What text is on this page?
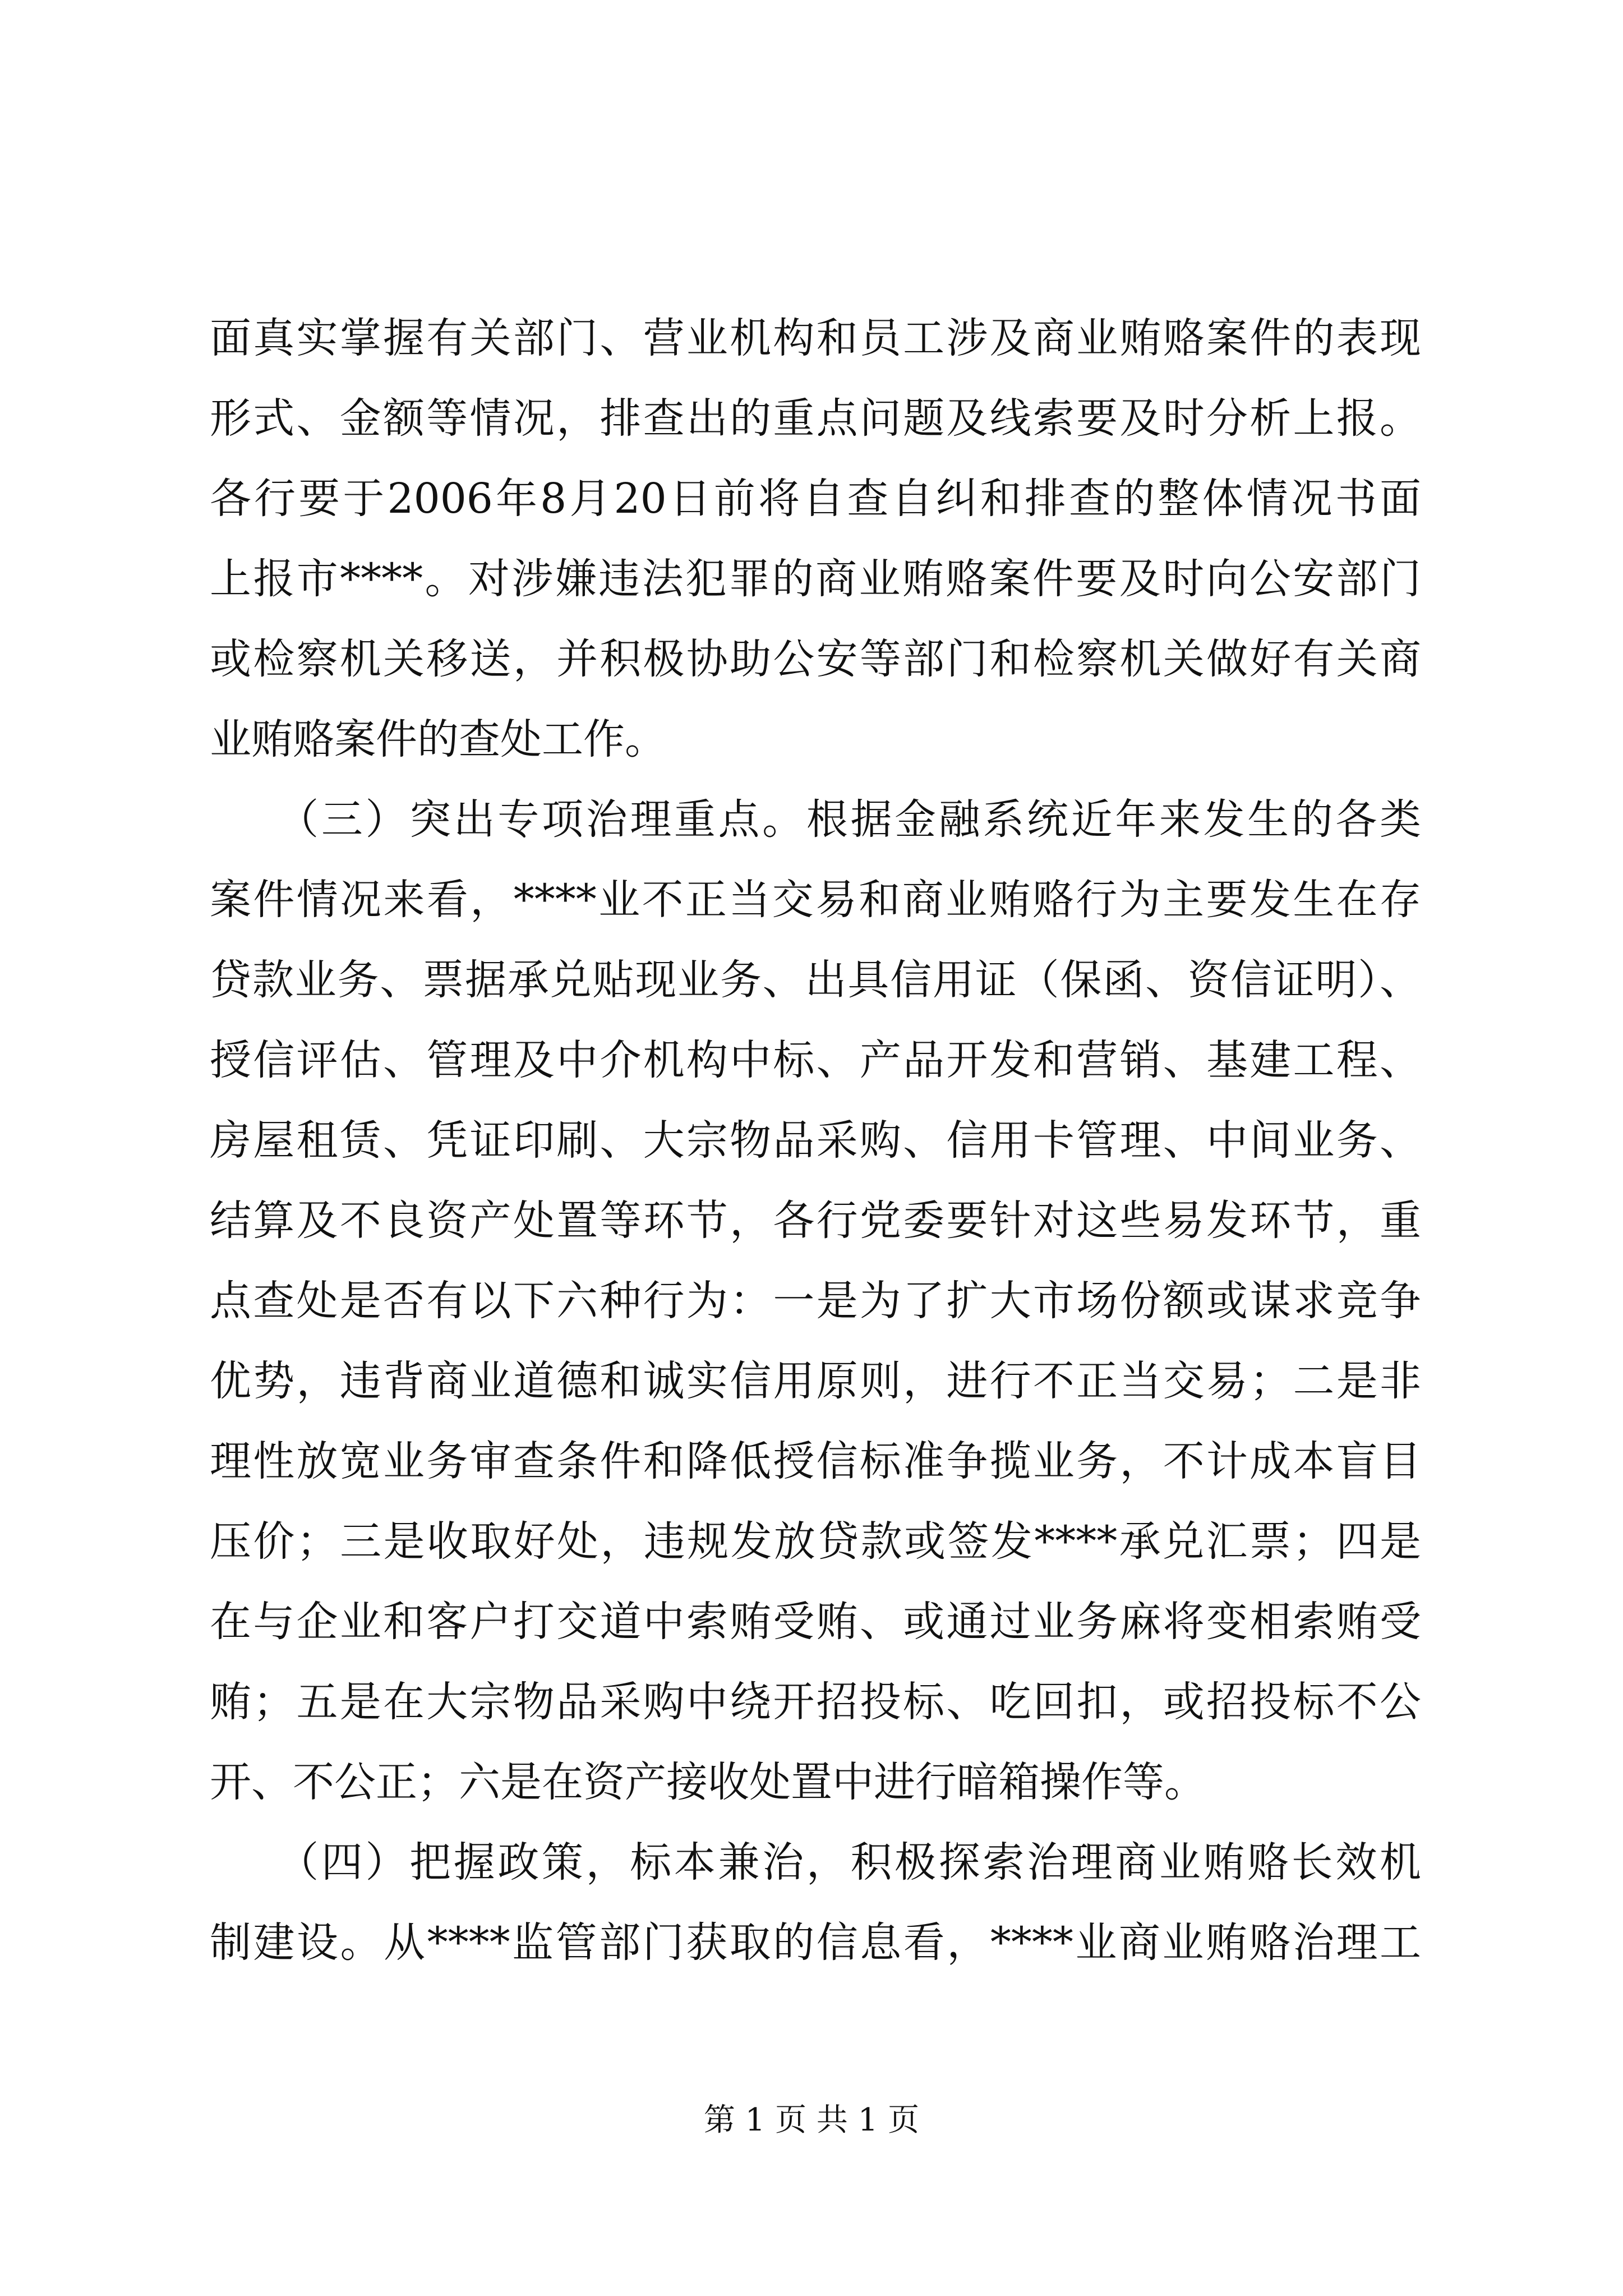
面真实掌握有关部门、营业机构和员工涉及商业贿赂案件的表现
形式、金额等情况，排查出的重点问题及线索要及时分析上报。
各行要于2006年8月20日前将自查自纠和排查的整体情况书面
上报市****。对涉嫌违法犯罪的商业贿赂案件要及时向公安部门
或检察机关移送，并积极协助公安等部门和检察机关做好有关商
业贿赂案件的查处工作。
　　（三）突出专项治理重点。根据金融系统近年来发生的各类
案件情况来看，****业不正当交易和商业贿赂行为主要发生在存
贷款业务、票据承兑贴现业务、出具信用证（保函、资信证明）、
授信评估、管理及中介机构中标、产品开发和营销、基建工程、
房屋租赁、凭证印刷、大宗物品采购、信用卡管理、中间业务、
结算及不良资产处置等环节，各行党委要针对这些易发环节，重
点查处是否有以下六种行为：一是为了扩大市场份额或谋求竞争
优势，违背商业道德和诚实信用原则，进行不正当交易；二是非
理性放宽业务审查条件和降低授信标准争揽业务，不计成本盲目
压价；三是收取好处，违规发放贷款或签发****承兑汇票；四是
在与企业和客户打交道中索贿受贿、或通过业务麻将变相索贿受
贿；五是在大宗物品采购中绕开招投标、吃回扣，或招投标不公
开、不公正；六是在资产接收处置中进行暗箱操作等。
　　（四）把握政策，标本兼治，积极探索治理商业贿赂长效机
制建设。从****监管部门获取的信息看，****业商业贿赂治理工
第 1 页 共 1 页
